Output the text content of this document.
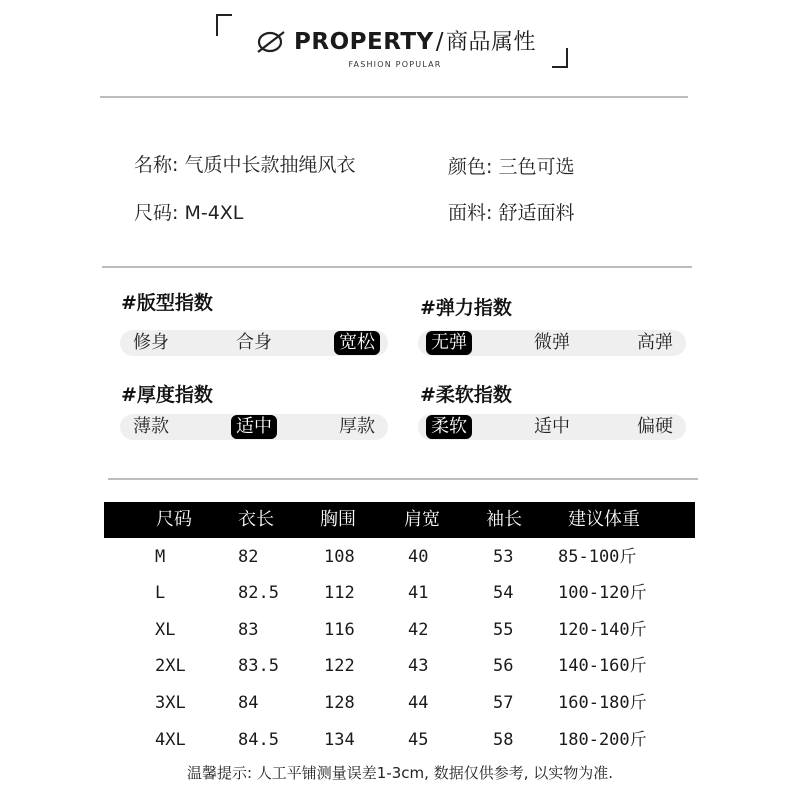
PROPERTY/商品属性
FASHION POPULAR
名称: 气质中长款抽绳风衣	颜色: 三色可选
尺码: M-4XL	面料: 舒适面料
#版型指数
修身	合身	宽松
#弹力指数
无弹	微弹	高弹
#厚度指数
薄款	适中	厚款
#柔软指数
柔软	适中	偏硬
尺码	衣长	胸围	肩宽	袖长	建议体重
M	82	108	40	53	85-100斤
L	82.5	112	41	54	100-120斤
XL	83	116	42	55	120-140斤
2XL	83.5	122	43	56	140-160斤
3XL	84	128	44	57	160-180斤
4XL	84.5	134	45	58	180-200斤
温馨提示: 人工平铺测量误差1-3cm, 数据仅供参考, 以实物为准.
